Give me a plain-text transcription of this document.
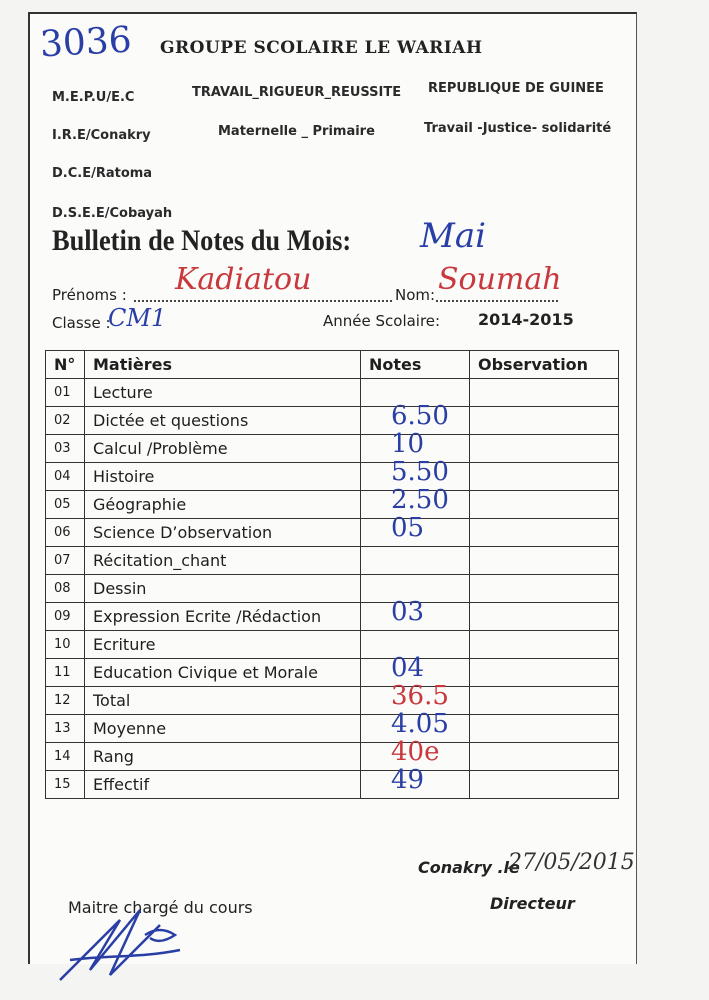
3036 GROUPE SCOLAIRE LE WARIAH
M.E.P.U/E.C
I.R.E/Conakry
D.C.E/Ratoma
D.S.E.E/Cobayah
TRAVAIL_RIGUEUR_REUSSITE
Maternelle _ Primaire
REPUBLIQUE DE GUINEE
Travail -Justice- solidarité
Bulletin de Notes du Mois: Mai
Prénoms : Kadiatou	Nom: Soumah
Classe :
CM1	Année Scolaire: 2014-2015
N°	Matières	Notes	Observation
01	Lecture		
02	Dictée et questions	6.50	

03	Calcul /Problème	10	

04	Histoire	5.50	

05	Géographie	2.50	

06	Science D’observation	05	

07	Récitation_chant		
08	Dessin		
09	Expression Ecrite /Rédaction	03	

10	Ecriture		
11	Education Civique et Morale	04	

12	Total	36.5	

13	Moyenne	4.05	

14	Rang	40e	

15	Effectif	49	

Conakry .le
27/05/2015
Maitre chargé du cours	Directeur
